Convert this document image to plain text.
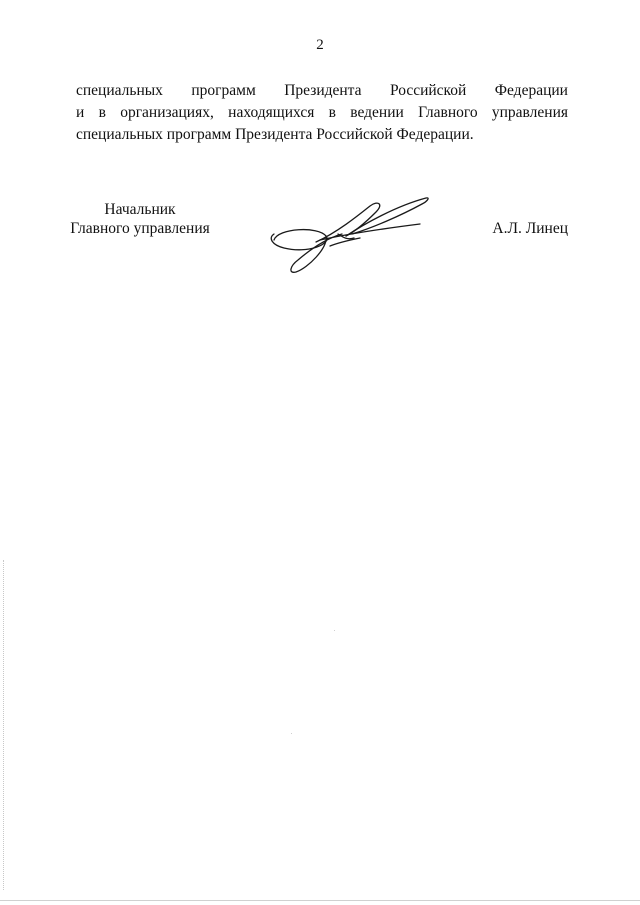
2
специальных программ Президента Российской Федерации
и в организациях, находящихся в ведении Главного управления
специальных программ Президента Российской Федерации.
Начальник
Главного управления	А.Л. Линец
